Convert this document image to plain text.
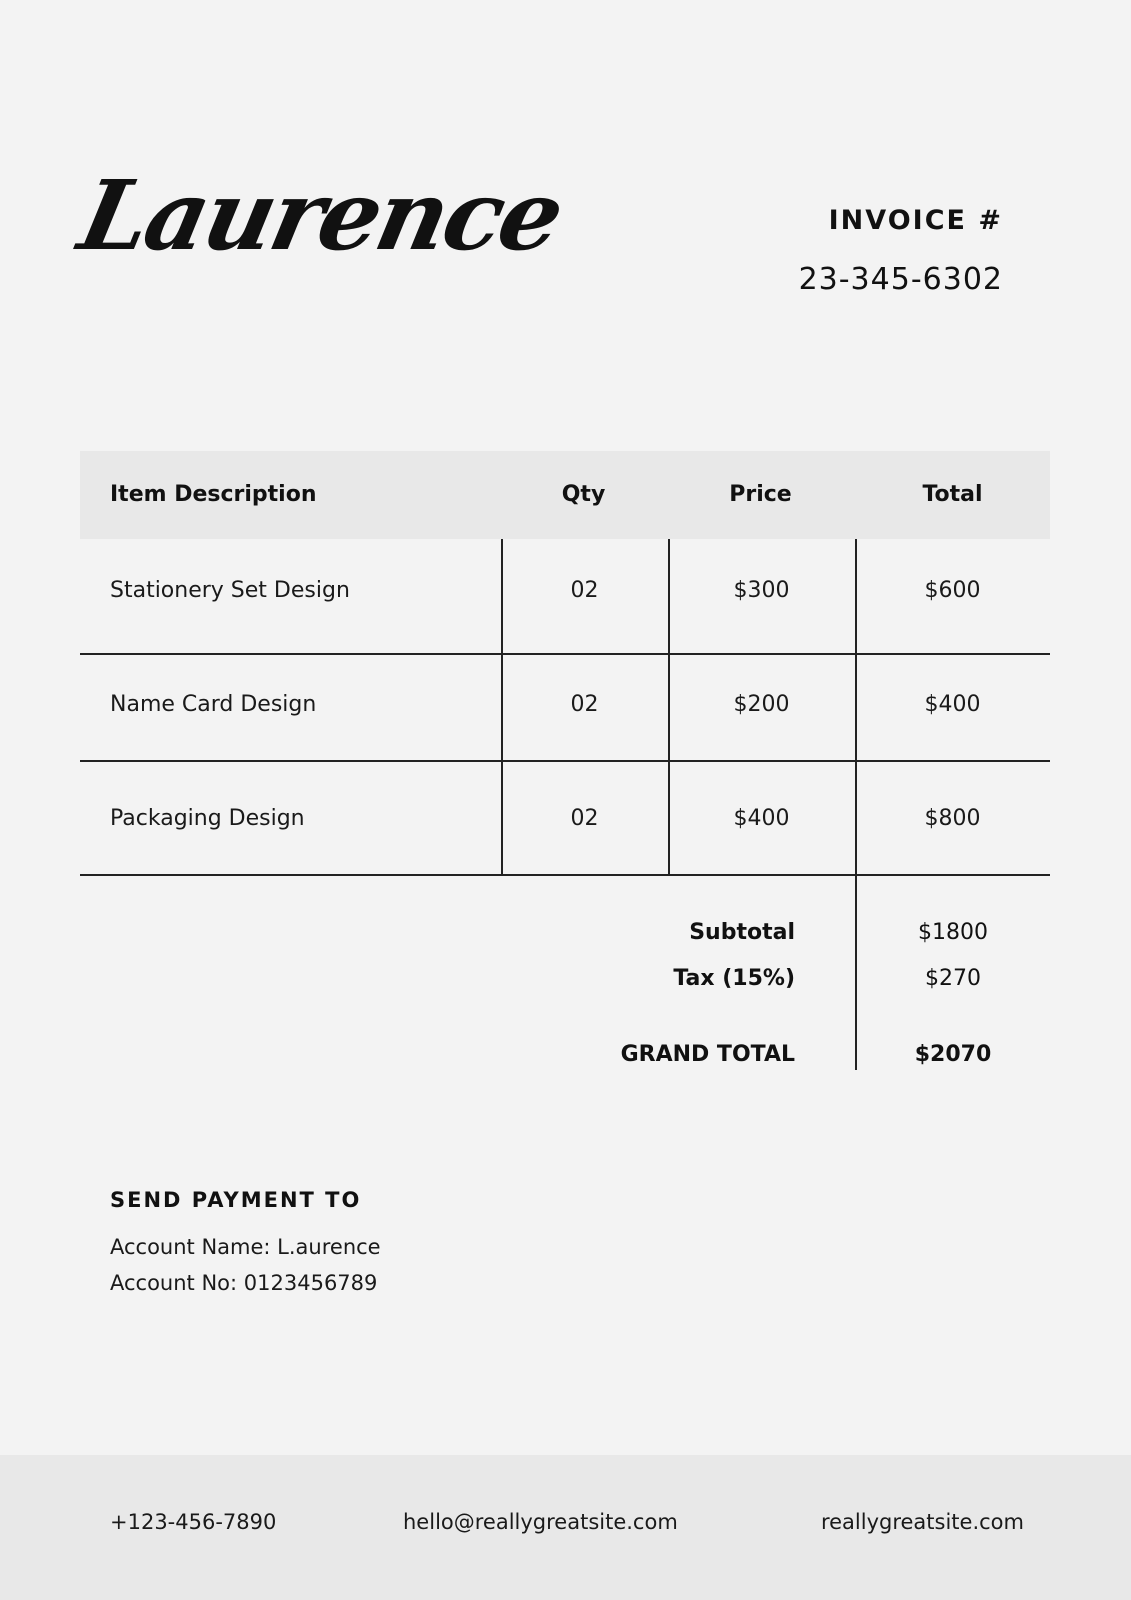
Laurence	INVOICE #
23-345-6302
Item Description	Qty	Price	Total
Stationery Set Design	02	$300	$600
Name Card Design	02	$200	$400
Packaging Design	02	$400	$800
Subtotal	$1800
Tax (15%)	$270
GRAND TOTAL	$2070
SEND PAYMENT TO
Account Name: L.aurence
Account No: 0123456789
+123-456-7890	hello@reallygreatsite.com	reallygreatsite.com
